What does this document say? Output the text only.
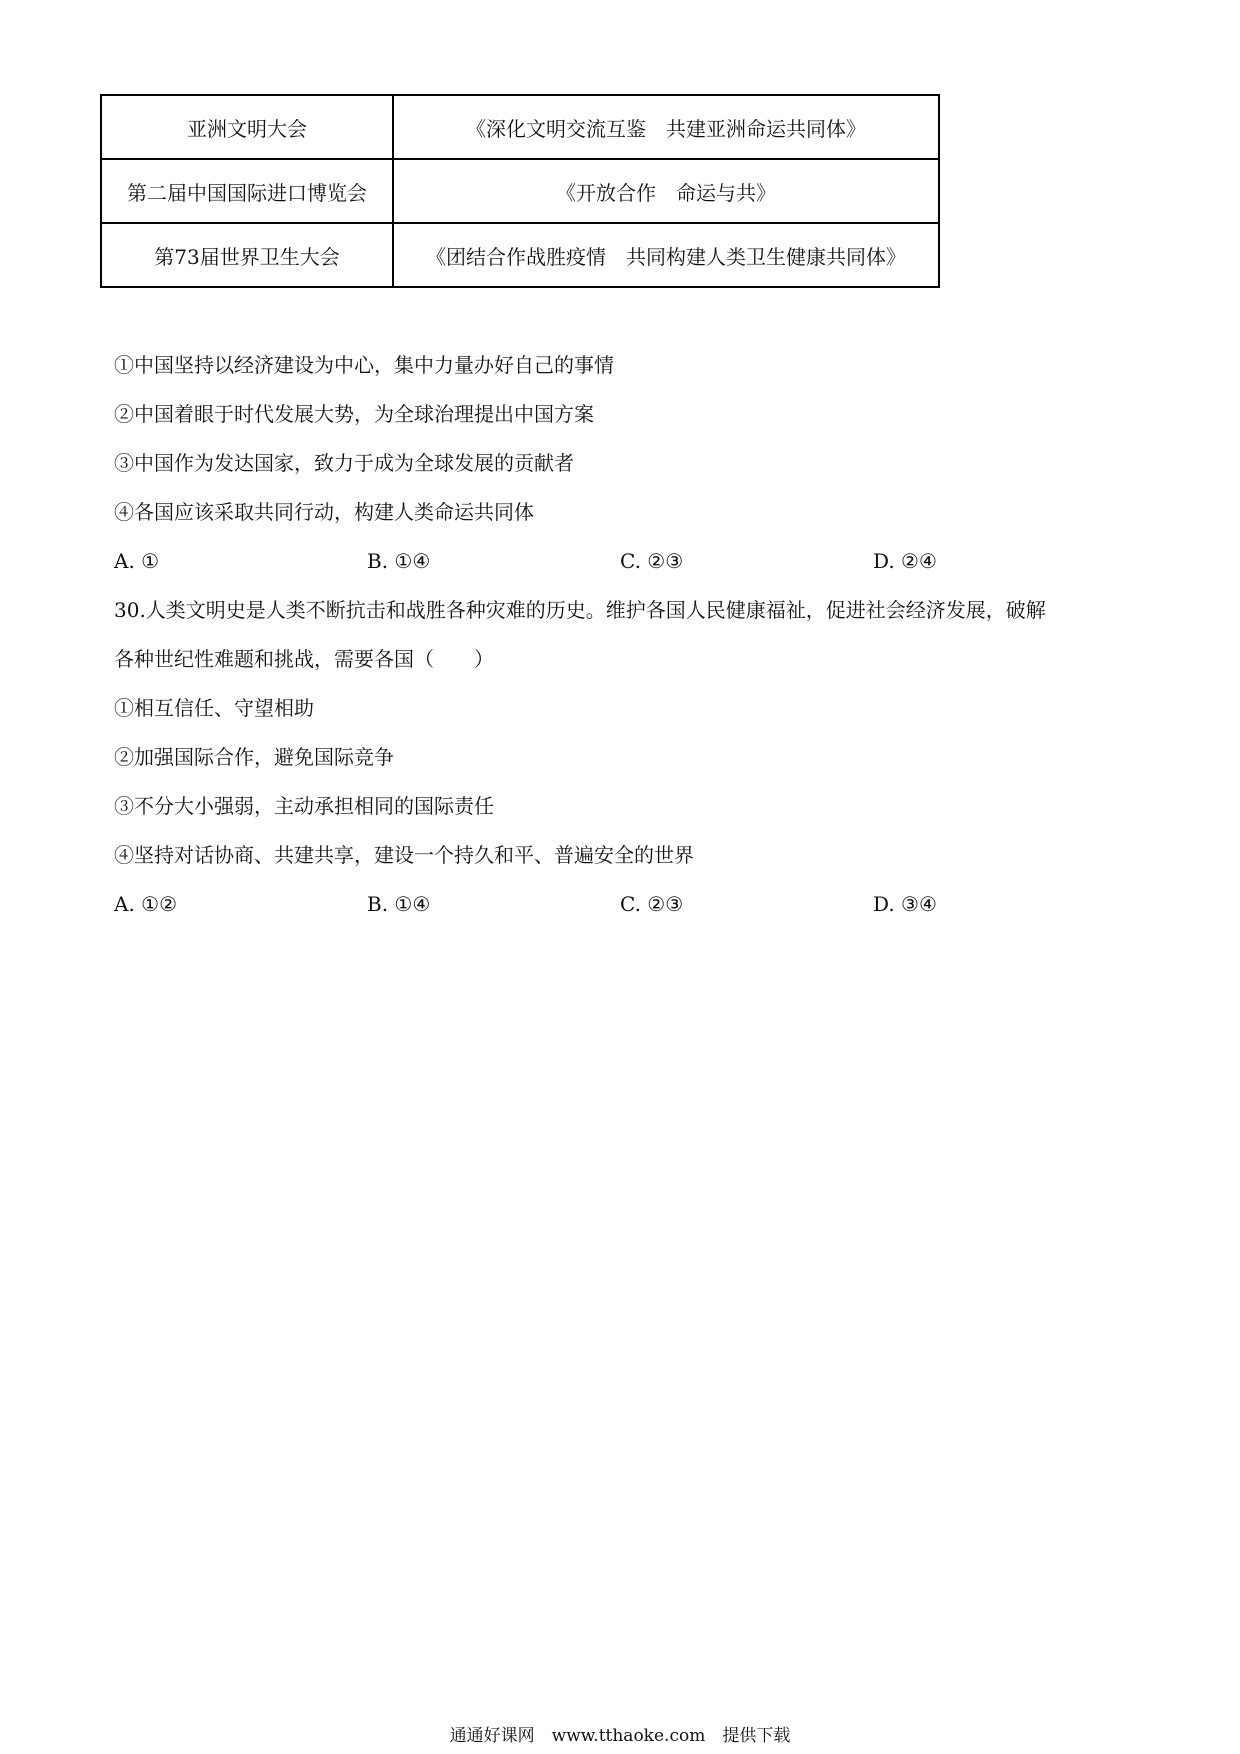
亚洲文明大会	《深化文明交流互鉴　共建亚洲命运共同体》
第二届中国国际进口博览会	《开放合作　命运与共》
第73届世界卫生大会	《团结合作战胜疫情　共同构建人类卫生健康共同体》
①中国坚持以经济建设为中心，集中力量办好自己的事情
②中国着眼于时代发展大势，为全球治理提出中国方案
③中国作为发达国家，致力于成为全球发展的贡献者
④各国应该采取共同行动，构建人类命运共同体
A. ①	B. ①④	C. ②③	D. ②④
30.人类文明史是人类不断抗击和战胜各种灾难的历史。维护各国人民健康福祉，促进社会经济发展，破解
各种世纪性难题和挑战，需要各国（　　）
①相互信任、守望相助
②加强国际合作，避免国际竞争
③不分大小强弱，主动承担相同的国际责任
④坚持对话协商、共建共享，建设一个持久和平、普遍安全的世界
A. ①②	B. ①④	C. ②③	D. ③④
通通好课网　www.tthaoke.com　提供下载
